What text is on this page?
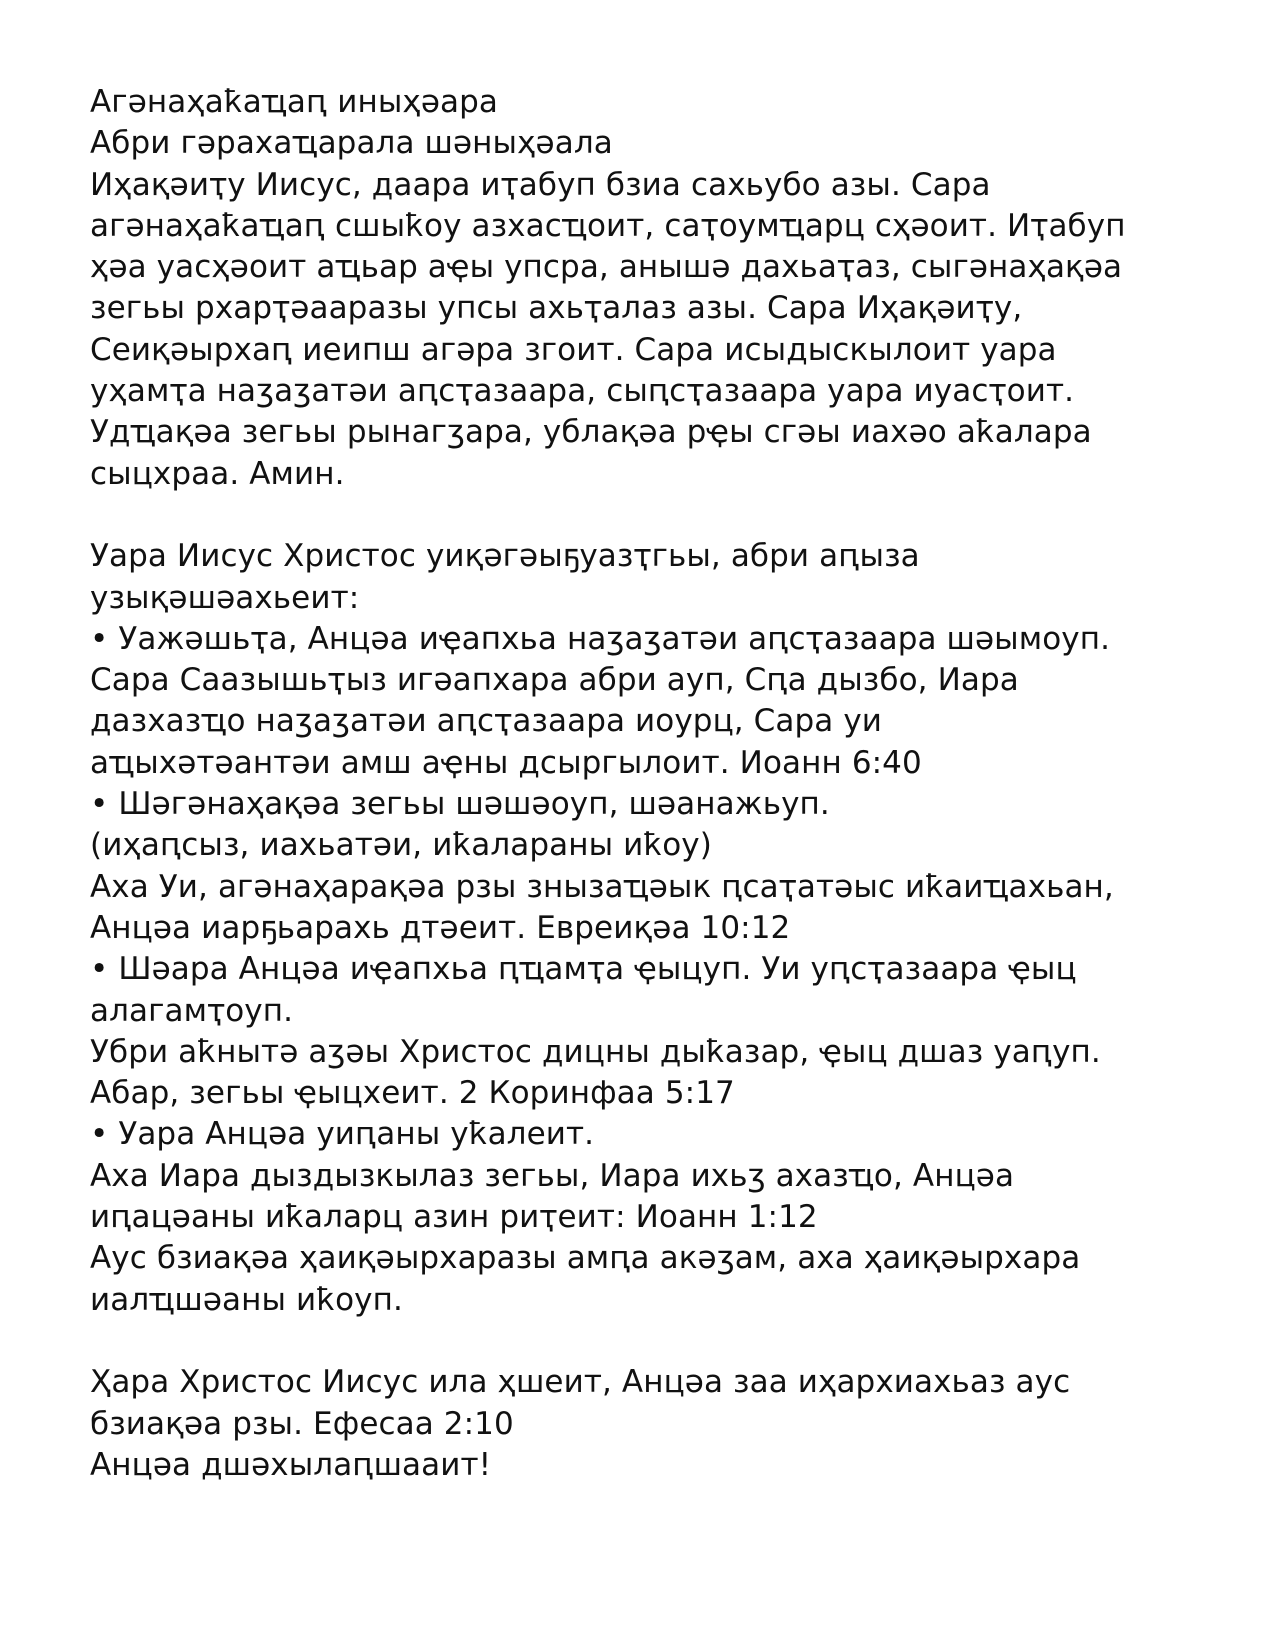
Агәнаҳаҟаҵаԥ иныҳәара
Абри гәрахаҵарала шәныҳәала
Иҳақәиҭу Иисус, даара иҭабуп бзиа сахьубо азы. Сара
агәнаҳаҟаҵаԥ сшыҟоу азхасҵоит, саҭоумҵарц сҳәоит. Иҭабуп
ҳәа уасҳәоит аҵьар аҿы упсра, анышә дахьаҭаз, сыгәнаҳақәа
зегьы рхарҭәааразы упсы ахьҭалаз азы. Сара Иҳақәиҭу,
Сеиқәырхаԥ иеипш агәра згоит. Сара исыдыскылоит уара
уҳамҭа наӡаӡатәи аԥсҭазаара, сыԥсҭазаара уара иуасҭоит.
Удҵақәа зегьы рынагӡара, ублақәа рҿы сгәы иахәо аҟалара
сыцхраа. Амин.
Уара Иисус Христос уиқәгәыҕуазҭгьы, абри аԥыза
узықәшәахьеит:
• Уажәшьҭа, Анцәа иҿапхьа наӡаӡатәи аԥсҭазаара шәымоуп.
Сара Саазышьҭыз игәапхара абри ауп, Сԥа дызбо, Иара
дазхазҵо наӡаӡатәи аԥсҭазаара иоурц, Сара уи
аҵыхәтәантәи амш аҿны дсыргылоит. Иоанн 6:40
• Шәгәнаҳақәа зегьы шәшәоуп, шәанажьуп.
(иҳаԥсыз, иахьатәи, иҟалараны иҟоу)
Аха Уи, агәнаҳарақәа рзы знызаҵәык ԥсаҭатәыс иҟаиҵахьан,
Анцәа иарҕьарахь дтәеит. Евреиқәа 10:12
• Шәара Анцәа иҿапхьа ԥҵамҭа ҿыцуп. Уи уԥсҭазаара ҿыц
алагамҭоуп.
Убри аҟнытә аӡәы Христос дицны дыҟазар, ҿыц дшаз уаԥуп.
Абар, зегьы ҿыцхеит. 2 Коринфаа 5:17
• Уара Анцәа уиԥаны уҟалеит.
Аха Иара дыздызкылаз зегьы, Иара ихьӡ ахазҵо, Анцәа
иԥацәаны иҟаларц азин риҭеит: Иоанн 1:12
Аус бзиақәа ҳаиқәырхаразы амԥа акәӡам, аха ҳаиқәырхара
иалҵшәаны иҟоуп.
Ҳара Христос Иисус ила ҳшеит, Анцәа заа иҳархиахьаз аус
бзиақәа рзы. Ефесаа 2:10
Анцәа дшәхылаԥшааит!
